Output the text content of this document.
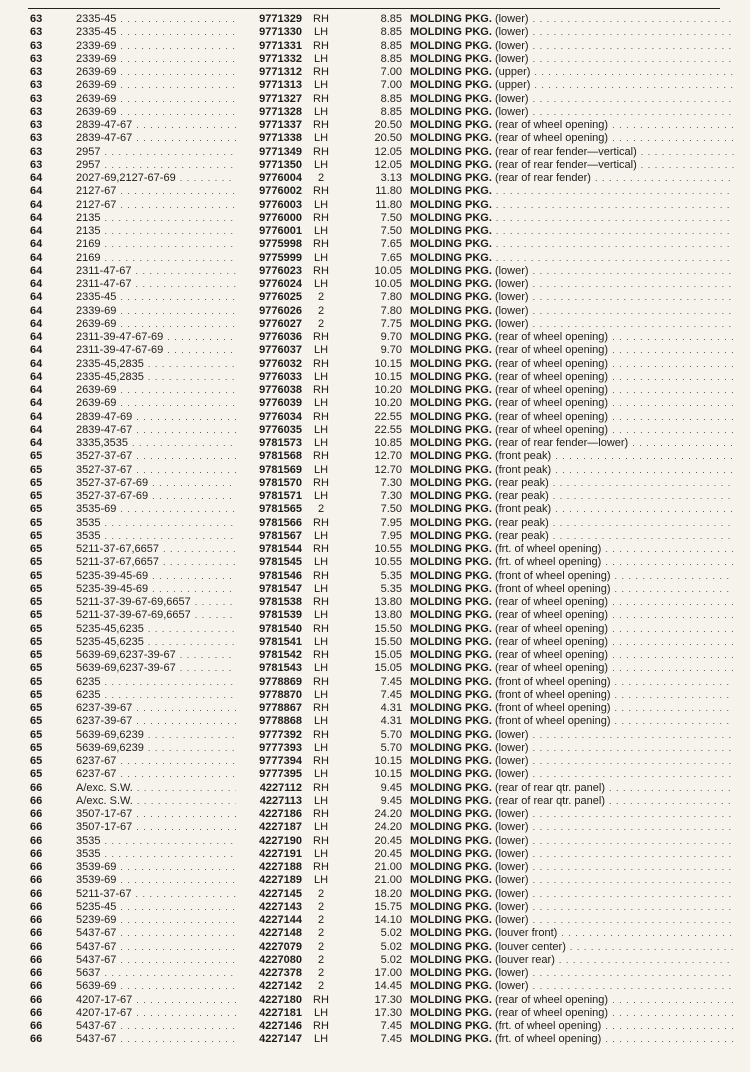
63	2335-45 . . .	9771329	RH	8.85	MOLDING PKG. (lower) . . .
63	2335-45 . . .	9771330	LH	8.85	MOLDING PKG. (lower) . . .
63	2339-69 . . .	9771331	RH	8.85	MOLDING PKG. (lower) . . .
63	2339-69 . . .	9771332	LH	8.85	MOLDING PKG. (lower) . . .
63	2639-69 . . .	9771312	RH	7.00	MOLDING PKG. (upper) . . .
63	2639-69 . . .	9771313	LH	7.00	MOLDING PKG. (upper) . . .
63	2639-69 . . .	9771327	RH	8.85	MOLDING PKG. (lower) . . .
63	2639-69 . . .	9771328	LH	8.85	MOLDING PKG. (lower) . . .
63	2839-47-67 . . .	9771337	RH	20.50	MOLDING PKG. (rear of wheel opening) . . .
63	2839-47-67 . . .	9771338	LH	20.50	MOLDING PKG. (rear of wheel opening) . . .
63	2957 . . .	9771349	RH	12.05	MOLDING PKG. (rear of rear fender—vertical) . . .
63	2957 . . .	9771350	LH	12.05	MOLDING PKG. (rear of rear fender—vertical) . . .
64	2027-69,2127-67-69 . . .	9776004	2	3.13	MOLDING PKG. (rear of rear fender) . . .
64	2127-67 . . .	9776002	RH	11.80	MOLDING PKG. . . .
64	2127-67 . . .	9776003	LH	11.80	MOLDING PKG. . . .
64	2135 . . .	9776000	RH	7.50	MOLDING PKG. . . .
64	2135 . . .	9776001	LH	7.50	MOLDING PKG. . . .
64	2169 . . .	9775998	RH	7.65	MOLDING PKG. . . .
64	2169 . . .	9775999	LH	7.65	MOLDING PKG. . . .
64	2311-47-67 . . .	9776023	RH	10.05	MOLDING PKG. (lower) . . .
64	2311-47-67 . . .	9776024	LH	10.05	MOLDING PKG. (lower) . . .
64	2335-45 . . .	9776025	2	7.80	MOLDING PKG. (lower) . . .
64	2339-69 . . .	9776026	2	7.80	MOLDING PKG. (lower) . . .
64	2639-69 . . .	9776027	2	7.75	MOLDING PKG. (lower) . . .
64	2311-39-47-67-69 . . .	9776036	RH	9.70	MOLDING PKG. (rear of wheel opening) . . .
64	2311-39-47-67-69 . . .	9776037	LH	9.70	MOLDING PKG. (rear of wheel opening) . . .
64	2335-45,2835 . . .	9776032	RH	10.15	MOLDING PKG. (rear of wheel opening) . . .
64	2335-45,2835 . . .	9776033	LH	10.15	MOLDING PKG. (rear of wheel opening) . . .
64	2639-69 . . .	9776038	RH	10.20	MOLDING PKG. (rear of wheel opening) . . .
64	2639-69 . . .	9776039	LH	10.20	MOLDING PKG. (rear of wheel opening) . . .
64	2839-47-69 . . .	9776034	RH	22.55	MOLDING PKG. (rear of wheel opening) . . .
64	2839-47-67 . . .	9776035	LH	22.55	MOLDING PKG. (rear of wheel opening) . . .
64	3335,3535 . . .	9781573	LH	10.85	MOLDING PKG. (rear of rear fender—lower) . . .
65	3527-37-67 . . .	9781568	RH	12.70	MOLDING PKG. (front peak) . . .
65	3527-37-67 . . .	9781569	LH	12.70	MOLDING PKG. (front peak) . . .
65	3527-37-67-69 . . .	9781570	RH	7.30	MOLDING PKG. (rear peak) . . .
65	3527-37-67-69 . . .	9781571	LH	7.30	MOLDING PKG. (rear peak) . . .
65	3535-69 . . .	9781565	2	7.50	MOLDING PKG. (front peak) . . .
65	3535 . . .	9781566	RH	7.95	MOLDING PKG. (rear peak) . . .
65	3535 . . .	9781567	LH	7.95	MOLDING PKG. (rear peak) . . .
65	5211-37-67,6657 . . .	9781544	RH	10.55	MOLDING PKG. (frt. of wheel opening) . . .
65	5211-37-67,6657 . . .	9781545	LH	10.55	MOLDING PKG. (frt. of wheel opening) . . .
65	5235-39-45-69 . . .	9781546	RH	5.35	MOLDING PKG. (front of wheel opening) . . .
65	5235-39-45-69 . . .	9781547	LH	5.35	MOLDING PKG. (front of wheel opening) . . .
65	5211-37-39-67-69,6657 . . .	9781538	RH	13.80	MOLDING PKG. (rear of wheel opening) . . .
65	5211-37-39-67-69,6657 . . .	9781539	LH	13.80	MOLDING PKG. (rear of wheel opening) . . .
65	5235-45,6235 . . .	9781540	RH	15.50	MOLDING PKG. (rear of wheel opening) . . .
65	5235-45,6235 . . .	9781541	LH	15.50	MOLDING PKG. (rear of wheel opening) . . .
65	5639-69,6237-39-67 . . .	9781542	RH	15.05	MOLDING PKG. (rear of wheel opening) . . .
65	5639-69,6237-39-67 . . .	9781543	LH	15.05	MOLDING PKG. (rear of wheel opening) . . .
65	6235 . . .	9778869	RH	7.45	MOLDING PKG. (front of wheel opening) . . .
65	6235 . . .	9778870	LH	7.45	MOLDING PKG. (front of wheel opening) . . .
65	6237-39-67 . . .	9778867	RH	4.31	MOLDING PKG. (front of wheel opening) . . .
65	6237-39-67 . . .	9778868	LH	4.31	MOLDING PKG. (front of wheel opening) . . .
65	5639-69,6239 . . .	9777392	RH	5.70	MOLDING PKG. (lower) . . .
65	5639-69,6239 . . .	9777393	LH	5.70	MOLDING PKG. (lower) . . .
65	6237-67 . . .	9777394	RH	10.15	MOLDING PKG. (lower) . . .
65	6237-67 . . .	9777395	LH	10.15	MOLDING PKG. (lower) . . .
66	A/exc. S.W. . . .	4227112	RH	9.45	MOLDING PKG. (rear of rear qtr. panel) . . .
66	A/exc. S.W. . . .	4227113	LH	9.45	MOLDING PKG. (rear of rear qtr. panel) . . .
66	3507-17-67 . . .	4227186	RH	24.20	MOLDING PKG. (lower) . . .
66	3507-17-67 . . .	4227187	LH	24.20	MOLDING PKG. (lower) . . .
66	3535 . . .	4227190	RH	20.45	MOLDING PKG. (lower) . . .
66	3535 . . .	4227191	LH	20.45	MOLDING PKG. (lower) . . .
66	3539-69 . . .	4227188	RH	21.00	MOLDING PKG. (lower) . . .
66	3539-69 . . .	4227189	LH	21.00	MOLDING PKG. (lower) . . .
66	5211-37-67 . . .	4227145	2	18.20	MOLDING PKG. (lower) . . .
66	5235-45 . . .	4227143	2	15.75	MOLDING PKG. (lower) . . .
66	5239-69 . . .	4227144	2	14.10	MOLDING PKG. (lower) . . .
66	5437-67 . . .	4227148	2	5.02	MOLDING PKG. (louver front) . . .
66	5437-67 . . .	4227079	2	5.02	MOLDING PKG. (louver center) . . .
66	5437-67 . . .	4227080	2	5.02	MOLDING PKG. (louver rear) . . .
66	5637 . . .	4227378	2	17.00	MOLDING PKG. (lower) . . .
66	5639-69 . . .	4227142	2	14.45	MOLDING PKG. (lower) . . .
66	4207-17-67 . . .	4227180	RH	17.30	MOLDING PKG. (rear of wheel opening) . . .
66	4207-17-67 . . .	4227181	LH	17.30	MOLDING PKG. (rear of wheel opening) . . .
66	5437-67 . . .	4227146	RH	7.45	MOLDING PKG. (frt. of wheel opening) . . .
66	5437-67 . . .	4227147	LH	7.45	MOLDING PKG. (frt. of wheel opening) . . .
